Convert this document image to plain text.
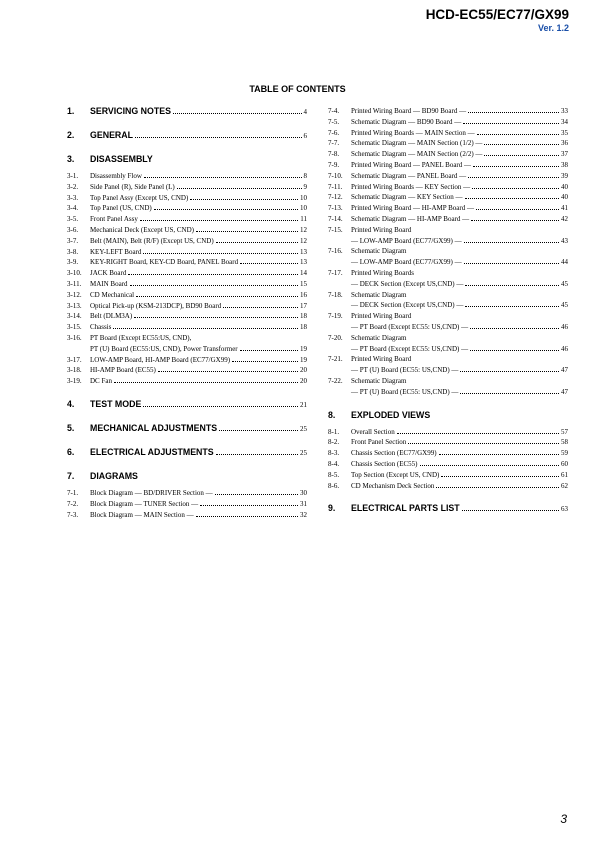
HCD-EC55/EC77/GX99
Ver. 1.2
TABLE OF CONTENTS
1.	SERVICING NOTES	4
2.	GENERAL	6
3.	DISASSEMBLY
3-1.	Disassembly Flow	8
3-2.	Side Panel (R), Side Panel (L)	9
3-3.	Top Panel Assy (Except US, CND)	10
3-4.	Top Panel (US, CND)	10
3-5.	Front Panel Assy	11
3-6.	Mechanical Deck (Except US, CND)	12
3-7.	Belt (MAIN), Belt (R/F) (Except US, CND)	12
3-8.	KEY-LEFT Board	13
3-9.	KEY-RIGHT Board, KEY-CD Board, PANEL Board	13
3-10.	JACK Board	14
3-11.	MAIN Board	15
3-12.	CD Mechanical	16
3-13.	Optical Pick-up (KSM-213DCP), BD90 Board	17
3-14.	Belt (DLM3A)	18
3-15.	Chassis	18
3-16.	PT Board (Except EC55:US, CND),
PT (U) Board (EC55:US, CND), Power Transformer	19
3-17.	LOW-AMP Board, HI-AMP Board (EC77/GX99)	19
3-18.	HI-AMP Board (EC55)	20
3-19.	DC Fan	20
4.	TEST MODE	21
5.	MECHANICAL ADJUSTMENTS	25
6.	ELECTRICAL ADJUSTMENTS	25
7.	DIAGRAMS
7-1.	Block Diagram — BD/DRIVER Section —	30
7-2.	Block Diagram — TUNER Section —	31
7-3.	Block Diagram — MAIN Section —	32
7-4.	Printed Wiring Board — BD90 Board —	33
7-5.	Schematic Diagram — BD90 Board —	34
7-6.	Printed Wiring Boards — MAIN Section —	35
7-7.	Schematic Diagram — MAIN Section (1/2) —	36
7-8.	Schematic Diagram — MAIN Section (2/2) —	37
7-9.	Printed Wiring Board — PANEL Board —	38
7-10.	Schematic Diagram — PANEL Board —	39
7-11.	Printed Wiring Boards — KEY Section —	40
7-12.	Schematic Diagram — KEY Section —	40
7-13.	Printed Wiring Board — HI-AMP Board —	41
7-14.	Schematic Diagram — HI-AMP Board —	42
7-15.	Printed Wiring Board
— LOW-AMP Board (EC77/GX99) —	43
7-16.	Schematic Diagram
— LOW-AMP Board (EC77/GX99) —	44
7-17.	Printed Wiring Boards
— DECK Section (Except US,CND) —	45
7-18.	Schematic Diagram
— DECK Section (Except US,CND) —	45
7-19.	Printed Wiring Board
— PT Board (Except EC55: US,CND) —	46
7-20.	Schematic Diagram
— PT Board (Except EC55: US,CND) —	46
7-21.	Printed Wiring Board
— PT (U) Board (EC55: US,CND) —	47
7-22.	Schematic Diagram
— PT (U) Board (EC55: US,CND) —	47
8.	EXPLODED VIEWS
8-1.	Overall Section	57
8-2.	Front Panel Section	58
8-3.	Chassis Section (EC77/GX99)	59
8-4.	Chassis Section (EC55)	60
8-5.	Top Section (Except US, CND)	61
8-6.	CD Mechanism Deck Section	62
9.	ELECTRICAL PARTS LIST	63
3
